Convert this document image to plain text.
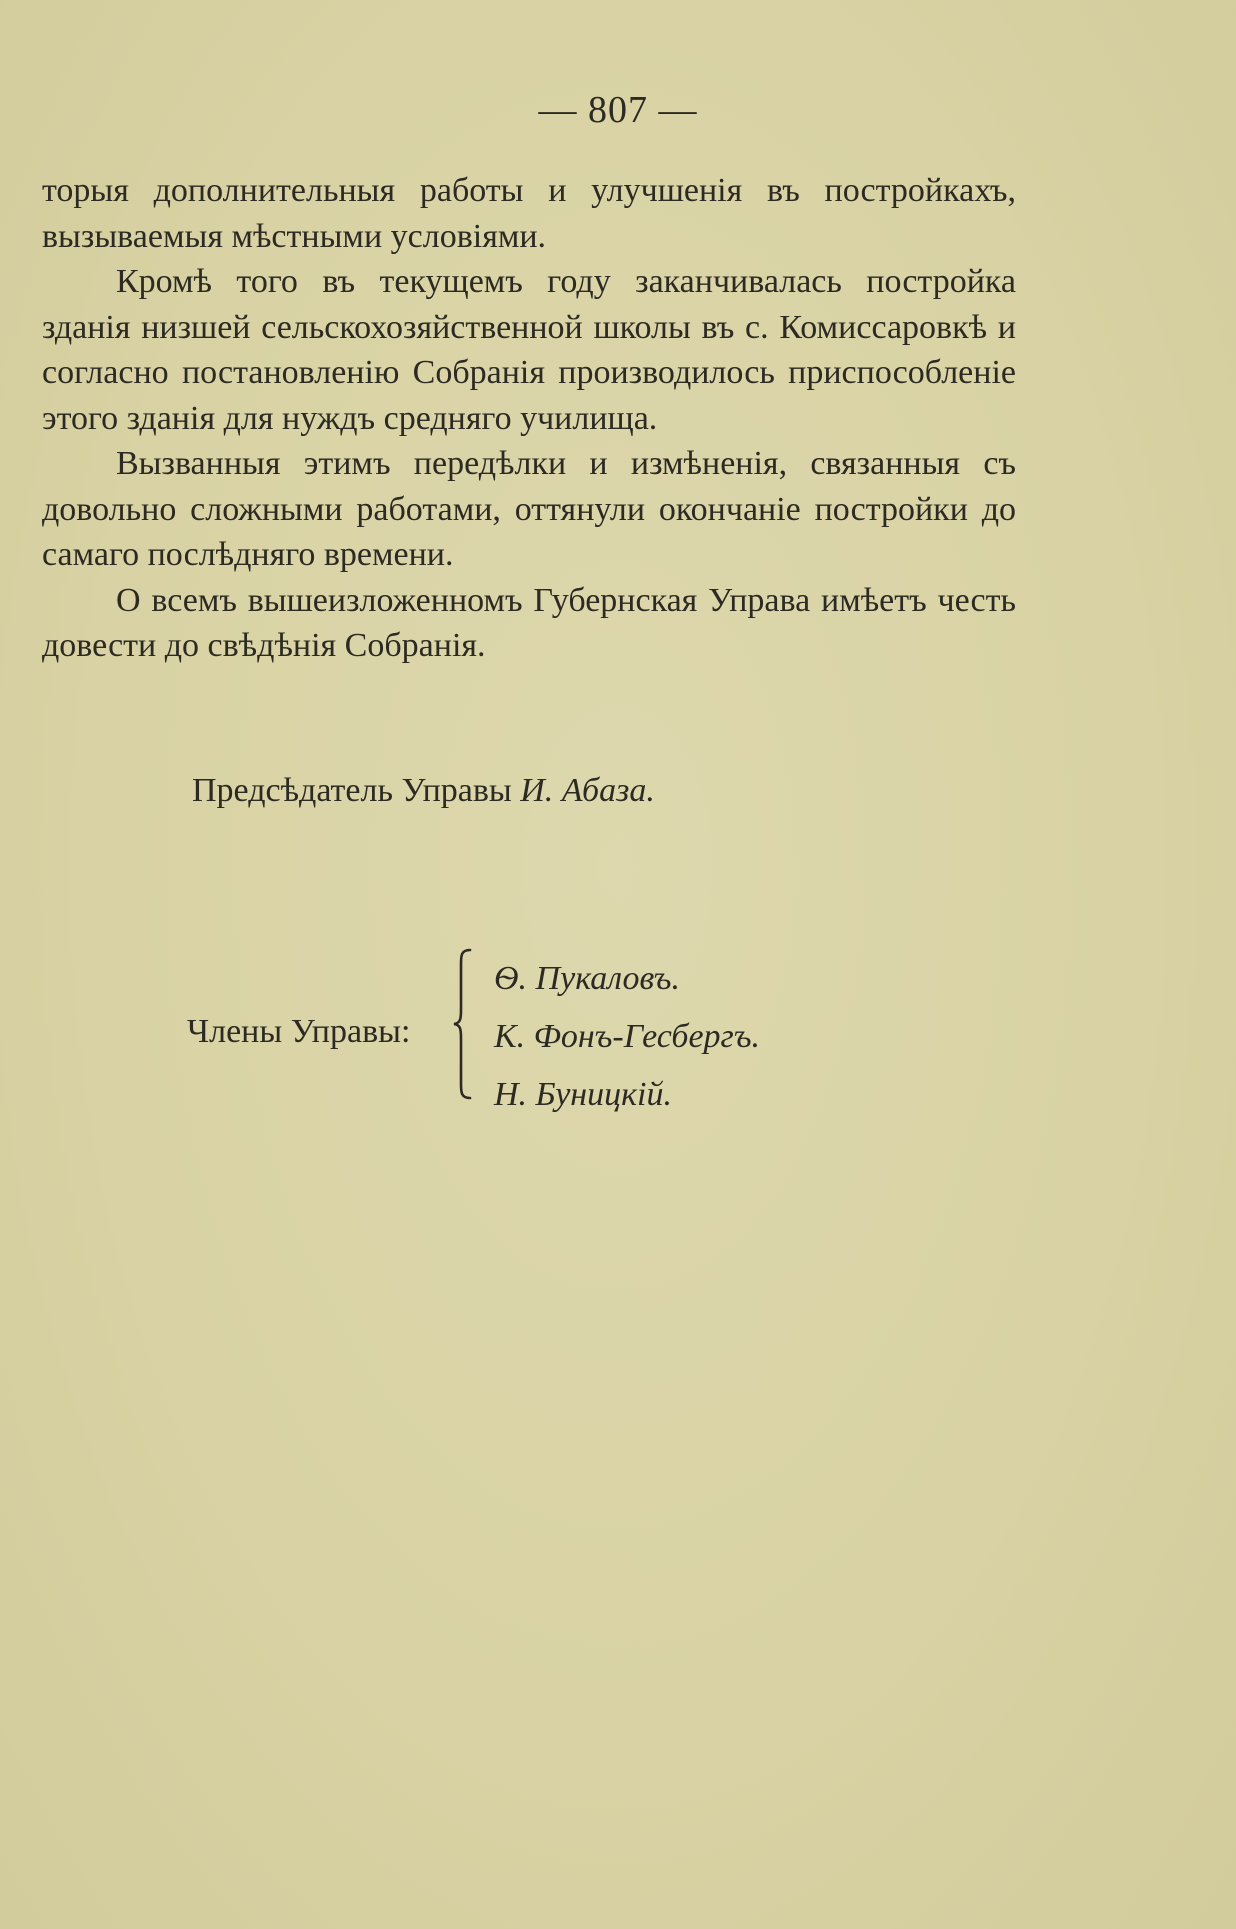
— 807 —

торыя дополнительныя работы и улучшенія въ постройкахъ, вызываемыя мѣстными условіями.

Кромѣ того въ текущемъ году заканчивалась постройка зданія низшей сельскохозяйственной школы въ с. Комиссаровкѣ и согласно постановленію Собранія производилось приспособленіе этого зданія для нуждъ средняго училища.

Вызванныя этимъ передѣлки и измѣненія, связанныя съ довольно сложными работами, оттянули окончаніе постройки до самаго послѣдняго времени.

О всемъ вышеизложенномъ Губернская Управа имѣетъ честь довести до свѣдѣнія Собранія.

Предсѣдатель Управы И. Абаза.
Члены Управы:
Ѳ. Пукаловъ.
К. Фонъ-Гесбергъ.
Н. Буницкій.
